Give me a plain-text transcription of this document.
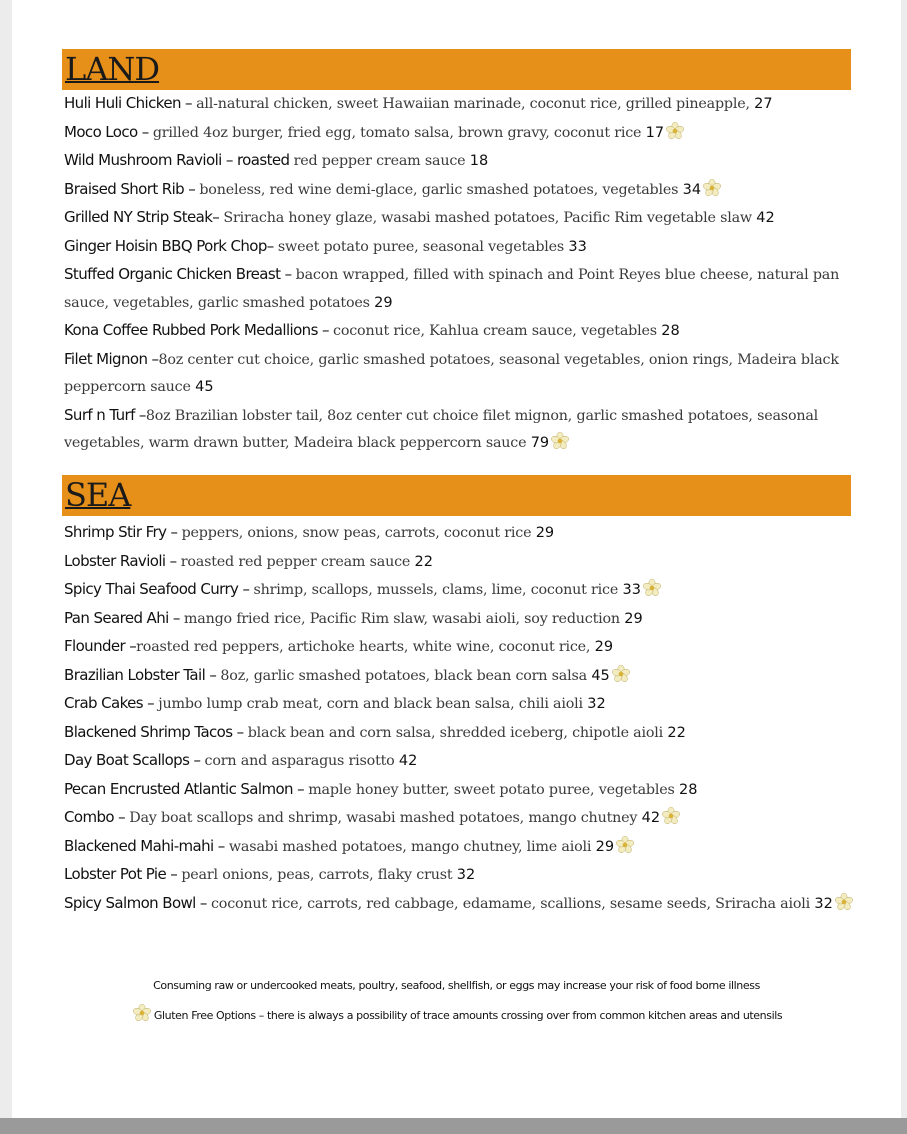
LAND
Huli Huli Chicken – all-natural chicken, sweet Hawaiian marinade, coconut rice, grilled pineapple, 27
Moco Loco – grilled 4oz burger, fried egg, tomato salsa, brown gravy, coconut rice 17
Wild Mushroom Ravioli – roasted red pepper cream sauce 18
Braised Short Rib – boneless, red wine demi-glace, garlic smashed potatoes, vegetables 34
Grilled NY Strip Steak– Sriracha honey glaze, wasabi mashed potatoes, Pacific Rim vegetable slaw 42
Ginger Hoisin BBQ Pork Chop– sweet potato puree, seasonal vegetables 33
Stuffed Organic Chicken Breast – bacon wrapped, filled with spinach and Point Reyes blue cheese, natural pan sauce, vegetables, garlic smashed potatoes 29
Kona Coffee Rubbed Pork Medallions – coconut rice, Kahlua cream sauce, vegetables 28
Filet Mignon –8oz center cut choice, garlic smashed potatoes, seasonal vegetables, onion rings, Madeira black peppercorn sauce 45
Surf n Turf –8oz Brazilian lobster tail, 8oz center cut choice filet mignon, garlic smashed potatoes, seasonal vegetables, warm drawn butter, Madeira black peppercorn sauce 79
SEA
Shrimp Stir Fry – peppers, onions, snow peas, carrots, coconut rice 29
Lobster Ravioli – roasted red pepper cream sauce 22
Spicy Thai Seafood Curry – shrimp, scallops, mussels, clams, lime, coconut rice 33
Pan Seared Ahi – mango fried rice, Pacific Rim slaw, wasabi aioli, soy reduction 29
Flounder –roasted red peppers, artichoke hearts, white wine, coconut rice, 29
Brazilian Lobster Tail – 8oz, garlic smashed potatoes, black bean corn salsa 45
Crab Cakes – jumbo lump crab meat, corn and black bean salsa, chili aioli 32
Blackened Shrimp Tacos – black bean and corn salsa, shredded iceberg, chipotle aioli 22
Day Boat Scallops – corn and asparagus risotto 42
Pecan Encrusted Atlantic Salmon – maple honey butter, sweet potato puree, vegetables 28
Combo – Day boat scallops and shrimp, wasabi mashed potatoes, mango chutney 42
Blackened Mahi-mahi – wasabi mashed potatoes, mango chutney, lime aioli 29
Lobster Pot Pie – pearl onions, peas, carrots, flaky crust 32
Spicy Salmon Bowl – coconut rice, carrots, red cabbage, edamame, scallions, sesame seeds, Sriracha aioli 32
Consuming raw or undercooked meats, poultry, seafood, shellfish, or eggs may increase your risk of food borne illness
Gluten Free Options – there is always a possibility of trace amounts crossing over from common kitchen areas and utensils
